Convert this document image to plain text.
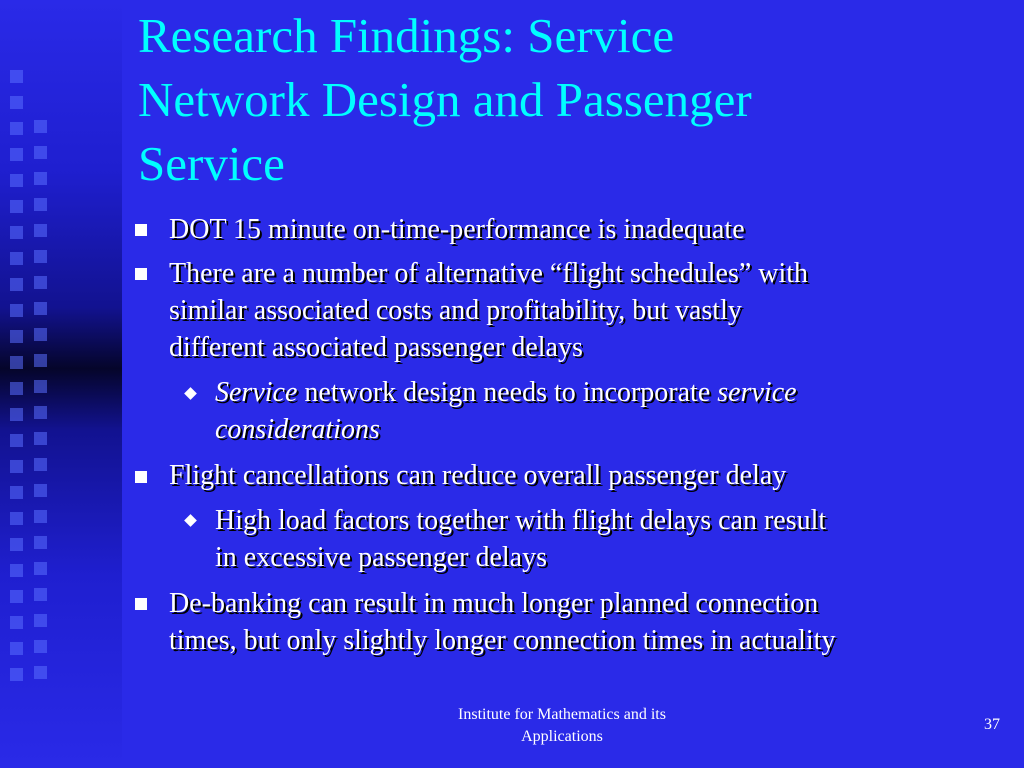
Research Findings: Service
Network Design and Passenger
Service
DOT 15 minute on-time-performance is inadequate
There are a number of alternative “flight schedules” with
similar associated costs and profitability, but vastly
different associated passenger delays
Service network design needs to incorporate service
considerations
Flight cancellations can reduce overall passenger delay
High load factors together with flight delays can result
in excessive passenger delays
De-banking can result in much longer planned connection
times, but only slightly longer connection times in actuality
Institute for Mathematics and its
Applications
37
